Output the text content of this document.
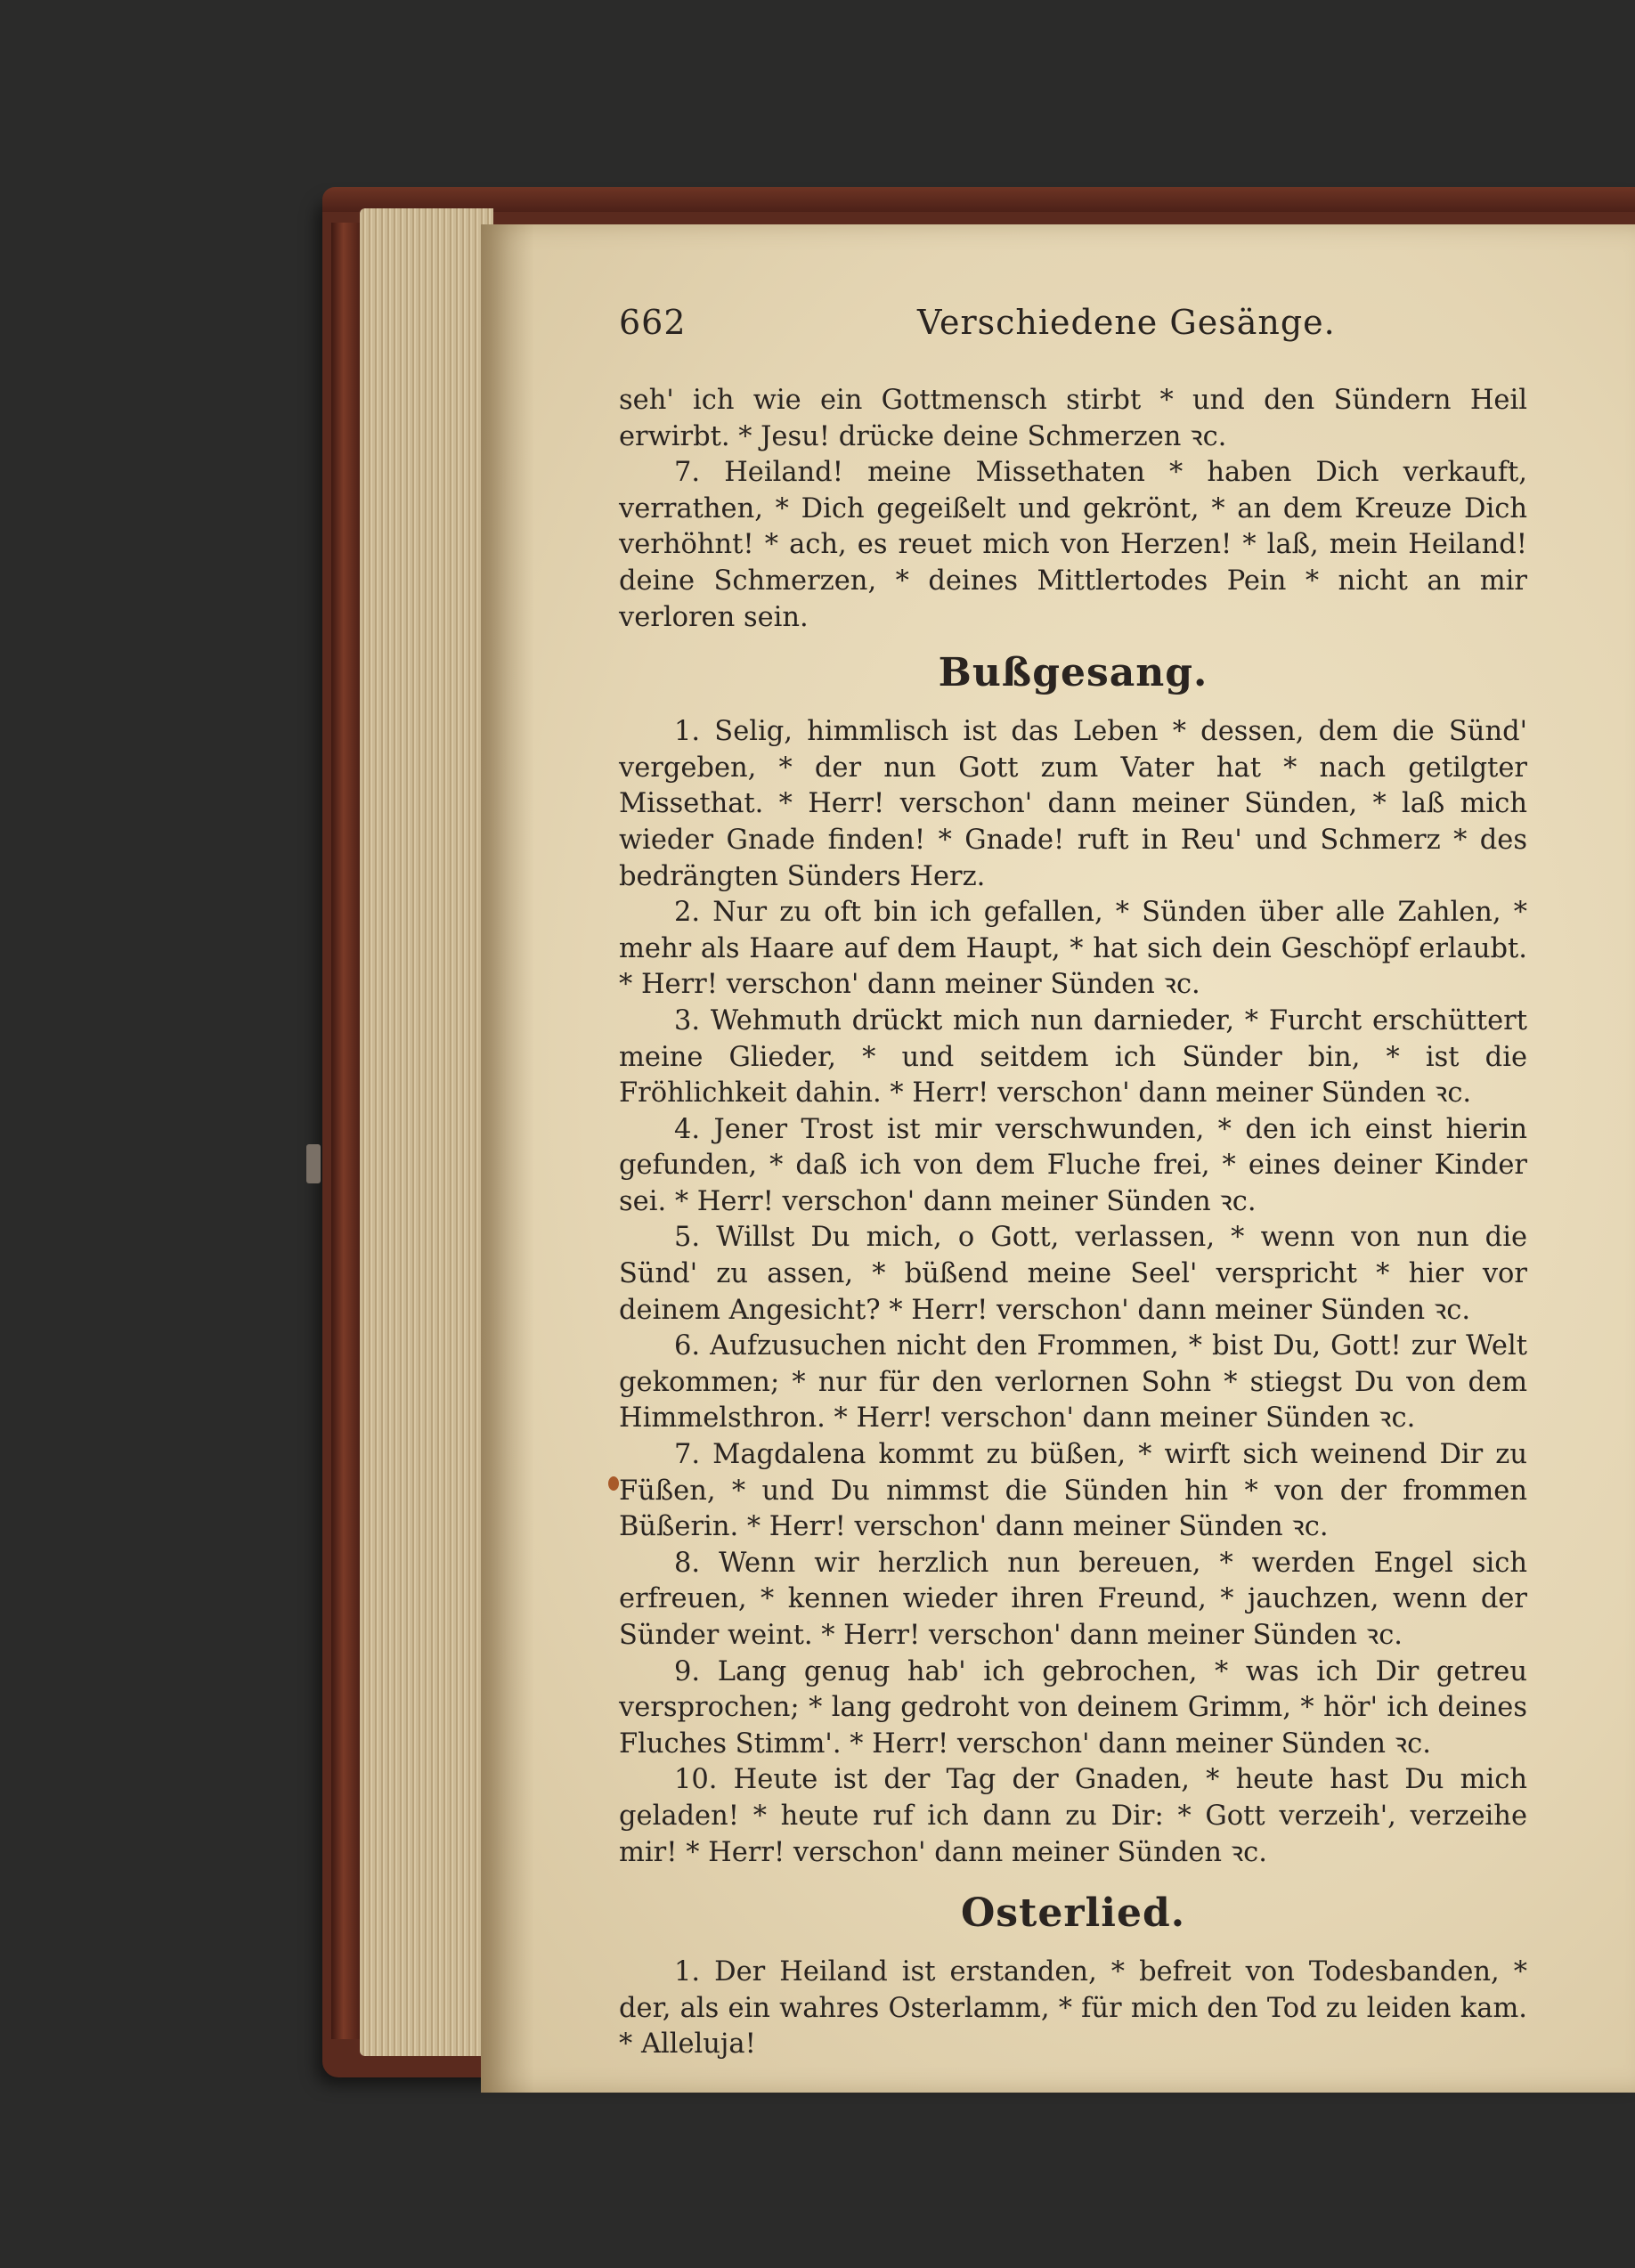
662	Verschiedene Gesänge.

seh' ich wie ein Gottmensch stirbt * und den Sündern Heil erwirbt. * Jesu! drücke deine Schmerzen ꝛc.

7. Heiland! meine Missethaten * haben Dich verkauft, verrathen, * Dich gegeißelt und gekrönt, * an dem Kreuze Dich verhöhnt! * ach, es reuet mich von Herzen! * laß, mein Heiland! deine Schmerzen, * deines Mittlertodes Pein * nicht an mir verloren sein.

Bußgesang.

1. Selig, himmlisch ist das Leben * dessen, dem die Sünd' vergeben, * der nun Gott zum Vater hat * nach getilgter Missethat. * Herr! verschon' dann meiner Sünden, * laß mich wieder Gnade finden! * Gnade! ruft in Reu' und Schmerz * des bedrängten Sünders Herz.

2. Nur zu oft bin ich gefallen, * Sünden über alle Zahlen, * mehr als Haare auf dem Haupt, * hat sich dein Geschöpf erlaubt. * Herr! verschon' dann meiner Sünden ꝛc.

3. Wehmuth drückt mich nun darnieder, * Furcht erschüttert meine Glieder, * und seitdem ich Sünder bin, * ist die Fröhlichkeit dahin. * Herr! verschon' dann meiner Sünden ꝛc.

4. Jener Trost ist mir verschwunden, * den ich einst hierin gefunden, * daß ich von dem Fluche frei, * eines deiner Kinder sei. * Herr! verschon' dann meiner Sünden ꝛc.

5. Willst Du mich, o Gott, verlassen, * wenn von nun die Sünd' zu assen, * büßend meine Seel' verspricht * hier vor deinem Angesicht? * Herr! verschon' dann meiner Sünden ꝛc.

6. Aufzusuchen nicht den Frommen, * bist Du, Gott! zur Welt gekommen; * nur für den verlornen Sohn * stiegst Du von dem Himmelsthron. * Herr! verschon' dann meiner Sünden ꝛc.

7. Magdalena kommt zu büßen, * wirft sich weinend Dir zu Füßen, * und Du nimmst die Sünden hin * von der frommen Büßerin. * Herr! verschon' dann meiner Sünden ꝛc.

8. Wenn wir herzlich nun bereuen, * werden Engel sich erfreuen, * kennen wieder ihren Freund, * jauchzen, wenn der Sünder weint. * Herr! verschon' dann meiner Sünden ꝛc.

9. Lang genug hab' ich gebrochen, * was ich Dir getreu versprochen; * lang gedroht von deinem Grimm, * hör' ich deines Fluches Stimm'. * Herr! verschon' dann meiner Sünden ꝛc.

10. Heute ist der Tag der Gnaden, * heute hast Du mich geladen! * heute ruf ich dann zu Dir: * Gott verzeih', verzeihe mir! * Herr! verschon' dann meiner Sünden ꝛc.

Osterlied.

1. Der Heiland ist erstanden, * befreit von Todesbanden, * der, als ein wahres Osterlamm, * für mich den Tod zu leiden kam. * Alleluja!
